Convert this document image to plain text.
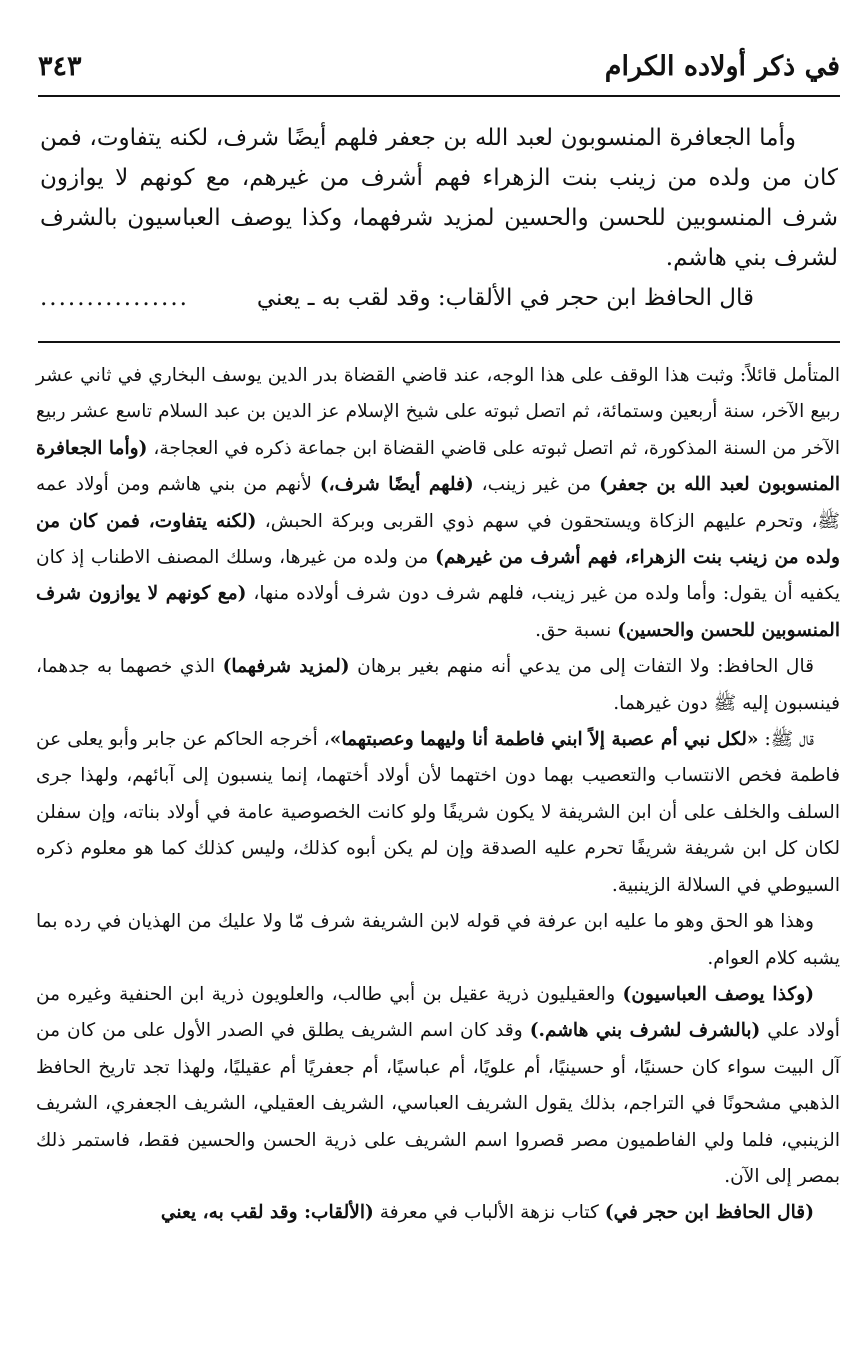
في ذكر أولاده الكرام
٣٤٣

وأما الجعافرة المنسوبون لعبد الله بن جعفر فلهم أيضًا شرف، لكنه يتفاوت، فمن كان من ولده من زينب بنت الزهراء فهم أشرف من غيرهم، مع كونهم لا يوازون شرف المنسوبين للحسن والحسين لمزيد شرفهما، وكذا يوصف العباسيون بالشرف لشرف بني هاشم.

قال الحافظ ابن حجر في الألقاب: وقد لقب به ـ يعني
................

المتأمل قائلاً: وثبت هذا الوقف على هذا الوجه، عند قاضي القضاة بدر الدين يوسف البخاري في ثاني عشر ربيع الآخر، سنة أربعين وستمائة، ثم اتصل ثبوته على شيخ الإسلام عز الدين بن عبد السلام تاسع عشر ربيع الآخر من السنة المذكورة، ثم اتصل ثبوته على قاضي القضاة ابن جماعة ذكره في العجاجة، (وأما الجعافرة المنسوبون لعبد الله بن جعفر) من غير زينب، (فلهم أيضًا شرف،) لأنهم من بني هاشم ومن أولاد عمه ﷺ، وتحرم عليهم الزكاة ويستحقون في سهم ذوي القربى وبركة الحبش، (لكنه يتفاوت، فمن كان من ولده من زينب بنت الزهراء، فهم أشرف من غيرهم) من ولده من غيرها، وسلك المصنف الاطناب إذ كان يكفيه أن يقول: وأما ولده من غير زينب، فلهم شرف دون شرف أولاده منها، (مع كونهم لا يوازون شرف المنسوبين للحسن والحسين) نسبة حق.

قال الحافظ: ولا التفات إلى من يدعي أنه منهم بغير برهان (لمزيد شرفهما) الذي خصهما به جدهما، فينسبون إليه ﷺ دون غيرهما.

قال ﷺ: «لكل نبي أم عصبة إلاً ابني فاطمة أنا وليهما وعصبتهما»، أخرجه الحاكم عن جابر وأبو يعلى عن فاطمة فخص الانتساب والتعصيب بهما دون اختهما لأن أولاد أختهما، إنما ينسبون إلى آبائهم، ولهذا جرى السلف والخلف على أن ابن الشريفة لا يكون شريفًا ولو كانت الخصوصية عامة في أولاد بناته، وإن سفلن لكان كل ابن شريفة شريفًا تحرم عليه الصدقة وإن لم يكن أبوه كذلك، وليس كذلك كما هو معلوم ذكره السيوطي في السلالة الزينبية.

وهذا هو الحق وهو ما عليه ابن عرفة في قوله لابن الشريفة شرف مّا ولا عليك من الهذيان في رده بما يشبه كلام العوام.

(وكذا يوصف العباسيون) والعقيليون ذرية عقيل بن أبي طالب، والعلويون ذرية ابن الحنفية وغيره من أولاد علي (بالشرف لشرف بني هاشم.) وقد كان اسم الشريف يطلق في الصدر الأول على من كان من آل البيت سواء كان حسنيًا، أو حسينيًا، أم علويًا، أم عباسيًا، أم جعفريًا أم عقيليًا، ولهذا تجد تاريخ الحافظ الذهبي مشحونًا في التراجم، بذلك يقول الشريف العباسي، الشريف العقيلي، الشريف الجعفري، الشريف الزينبي، فلما ولي الفاطميون مصر قصروا اسم الشريف على ذرية الحسن والحسين فقط، فاستمر ذلك بمصر إلى الآن.

(قال الحافظ ابن حجر في) كتاب نزهة الألباب في معرفة (الألقاب: وقد لقب به، يعني
